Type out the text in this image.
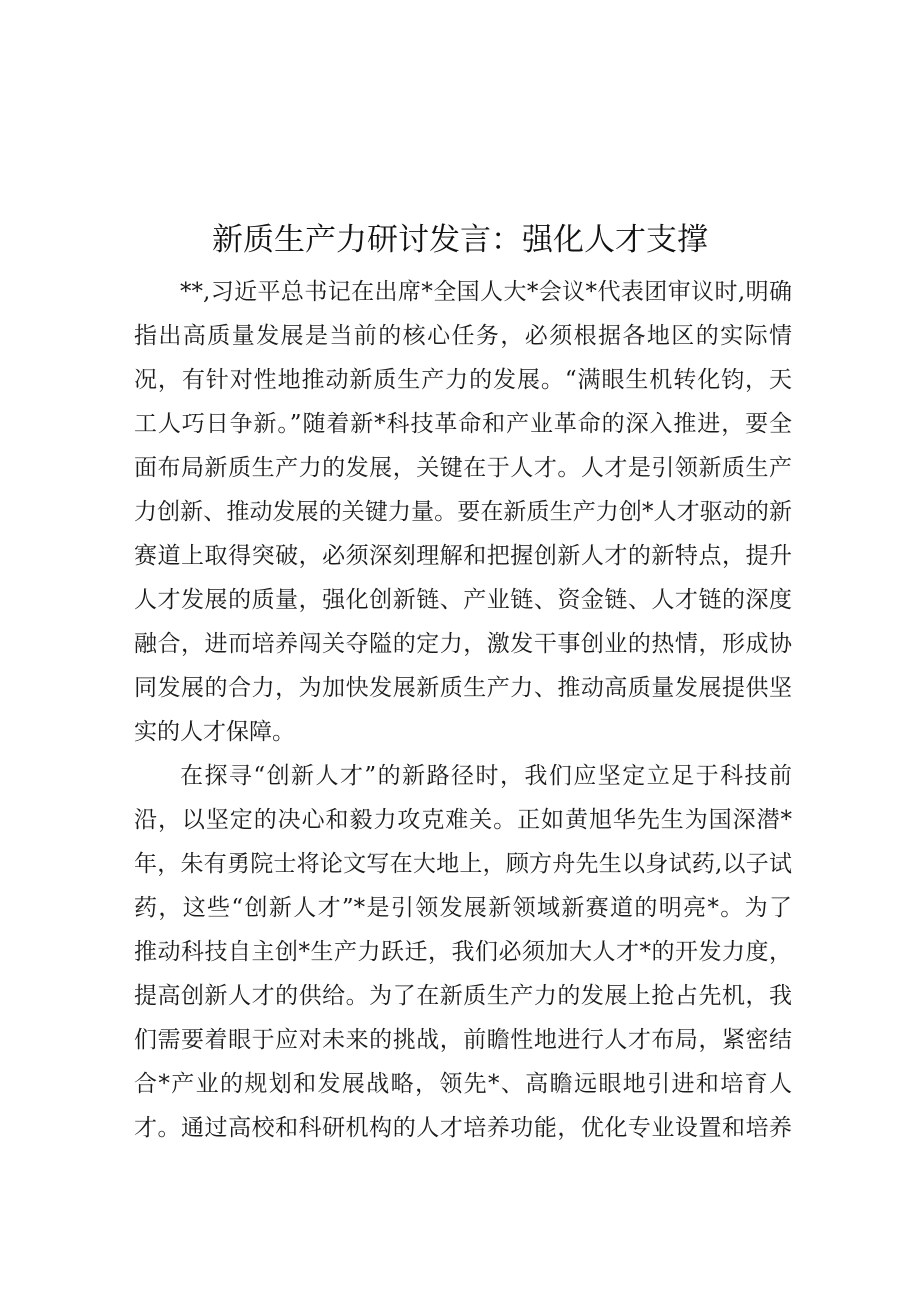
新质生产力研讨发言：强化人才支撑
**,习近平总书记在出席*全国人大*会议*代表团审议时,明确
指出高质量发展是当前的核心任务，必须根据各地区的实际情
况，有针对性地推动新质生产力的发展。“满眼生机转化钧，天
工人巧日争新。”随着新*科技革命和产业革命的深入推进，要全
面布局新质生产力的发展，关键在于人才。人才是引领新质生产
力创新、推动发展的关键力量。要在新质生产力创*人才驱动的新
赛道上取得突破，必须深刻理解和把握创新人才的新特点，提升
人才发展的质量，强化创新链、产业链、资金链、人才链的深度
融合，进而培养闯关夺隘的定力，激发干事创业的热情，形成协
同发展的合力，为加快发展新质生产力、推动高质量发展提供坚
实的人才保障。
在探寻“创新人才”的新路径时，我们应坚定立足于科技前
沿，以坚定的决心和毅力攻克难关。正如黄旭华先生为国深潜*
年，朱有勇院士将论文写在大地上，顾方舟先生以身试药,以子试
药，这些“创新人才”*是引领发展新领域新赛道的明亮*。为了
推动科技自主创*生产力跃迁，我们必须加大人才*的开发力度，
提高创新人才的供给。为了在新质生产力的发展上抢占先机，我
们需要着眼于应对未来的挑战，前瞻性地进行人才布局，紧密结
合*产业的规划和发展战略，领先*、高瞻远眼地引进和培育人
才。通过高校和科研机构的人才培养功能，优化专业设置和培养
